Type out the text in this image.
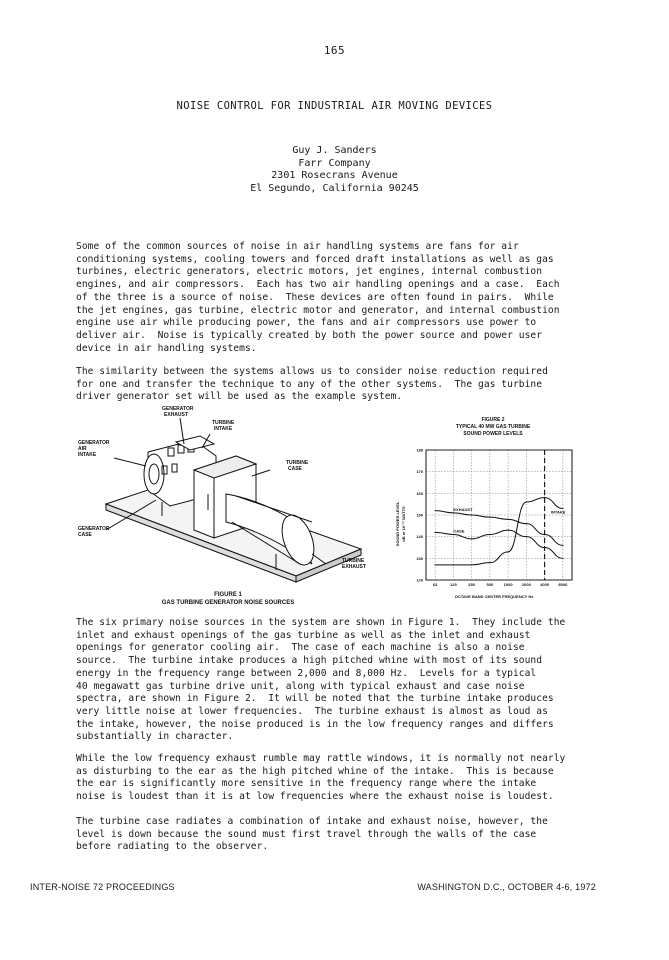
165
NOISE CONTROL FOR INDUSTRIAL AIR MOVING DEVICES
Guy J. Sanders
Farr Company
2301 Rosecrans Avenue
El Segundo, California 90245
Some of the common sources of noise in air handling systems are fans for air
conditioning systems, cooling towers and forced draft installations as well as gas
turbines, electric generators, electric motors, jet engines, internal combustion
engines, and air compressors.  Each has two air handling openings and a case.  Each
of the three is a source of noise.  These devices are often found in pairs.  While
the jet engines, gas turbine, electric motor and generator, and internal combustion
engine use air while producing power, the fans and air compressors use power to
deliver air.  Noise is typically created by both the power source and power user
device in air handling systems.
The similarity between the systems allows us to consider noise reduction required
for one and transfer the technique to any of the other systems.  The gas turbine
driver generator set will be used as the example system.
GENERATOR
EXHAUST
TURBINE
INTAKE
GENERATOR
AIR
INTAKE
TURBINE
CASE
GENERATOR
CASE
TURBINE
EXHAUST
FIGURE 1
GAS TURBINE GENERATOR NOISE SOURCES
FIGURE 2
TYPICAL 40 MW GAS TURBINE
SOUND POWER LEVELS
SOUND POWER LEVEL dB re 10⁻¹² WATTS
120
130
140
150
160
170
180
63	125	250	500	1000 2000 4000 8000
INTAKE
EXHAUST
CASE
OCTAVE BAND CENTER FREQUENCY Hz
The six primary noise sources in the system are shown in Figure 1.  They include the
inlet and exhaust openings of the gas turbine as well as the inlet and exhaust
openings for generator cooling air.  The case of each machine is also a noise
source.  The turbine intake produces a high pitched whine with most of its sound
energy in the frequency range between 2,000 and 8,000 Hz.  Levels for a typical
40 megawatt gas turbine drive unit, along with typical exhaust and case noise
spectra, are shown in Figure 2.  It will be noted that the turbine intake produces
very little noise at lower frequencies.  The turbine exhaust is almost as loud as
the intake, however, the noise produced is in the low frequency ranges and differs
substantially in character.
While the low frequency exhaust rumble may rattle windows, it is normally not nearly
as disturbing to the ear as the high pitched whine of the intake.  This is because
the ear is significantly more sensitive in the frequency range where the intake
noise is loudest than it is at low frequencies where the exhaust noise is loudest.
The turbine case radiates a combination of intake and exhaust noise, however, the
level is down because the sound must first travel through the walls of the case
before radiating to the observer.
INTER-NOISE 72 PROCEEDINGS	WASHINGTON D.C., OCTOBER 4-6, 1972
